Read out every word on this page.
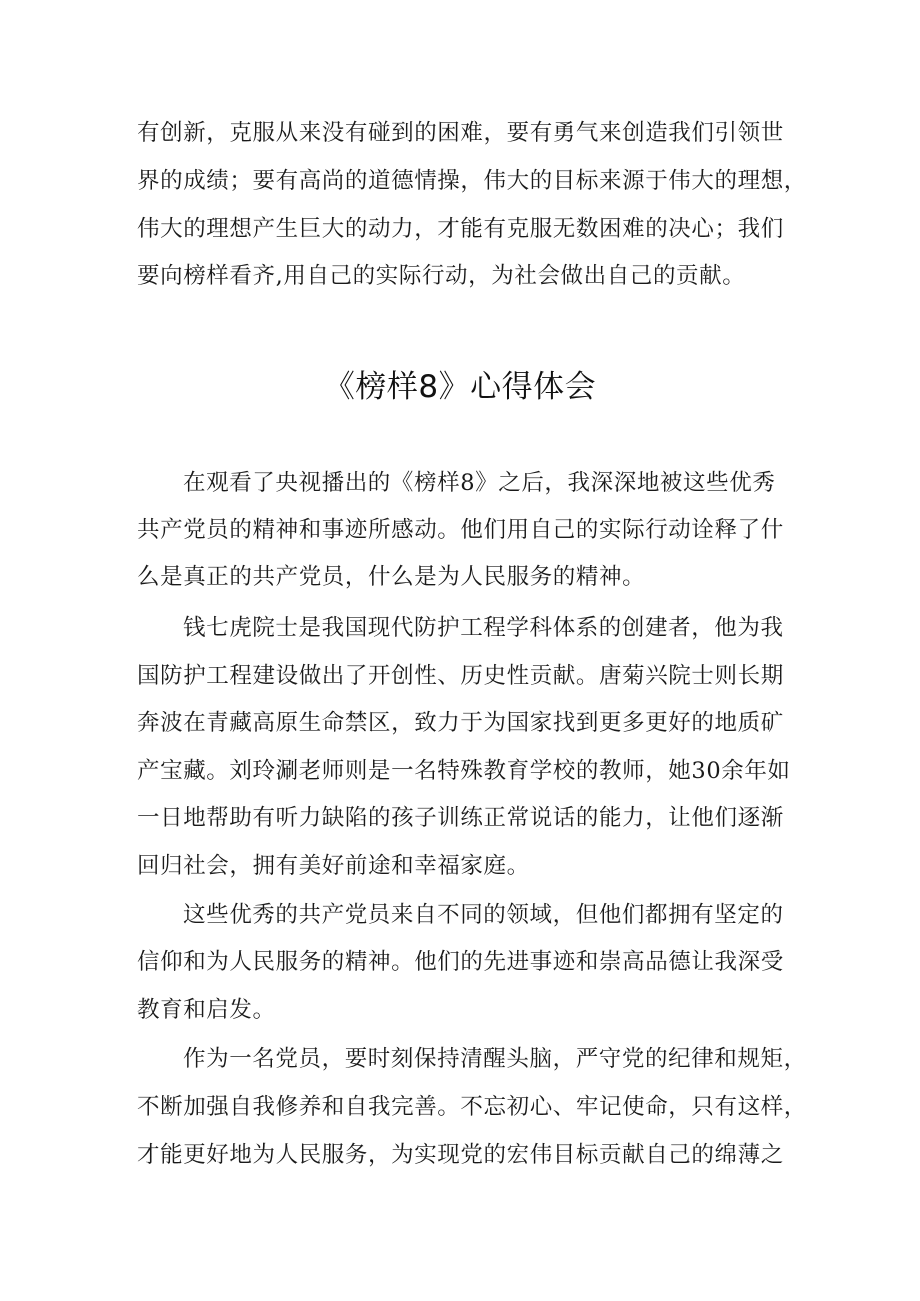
有创新，克服从来没有碰到的困难，要有勇气来创造我们引领世
界的成绩；要有高尚的道德情操，伟大的目标来源于伟大的理想，
伟大的理想产生巨大的动力，才能有克服无数困难的决心；我们
要向榜样看齐,用自己的实际行动，为社会做出自己的贡献。
《榜样8》心得体会
在观看了央视播出的《榜样8》之后，我深深地被这些优秀
共产党员的精神和事迹所感动。他们用自己的实际行动诠释了什
么是真正的共产党员，什么是为人民服务的精神。
钱七虎院士是我国现代防护工程学科体系的创建者，他为我
国防护工程建设做出了开创性、历史性贡献。唐菊兴院士则长期
奔波在青藏高原生命禁区，致力于为国家找到更多更好的地质矿
产宝藏。刘玲涮老师则是一名特殊教育学校的教师，她30余年如
一日地帮助有听力缺陷的孩子训练正常说话的能力，让他们逐渐
回归社会，拥有美好前途和幸福家庭。
这些优秀的共产党员来自不同的领域，但他们都拥有坚定的
信仰和为人民服务的精神。他们的先进事迹和崇高品德让我深受
教育和启发。
作为一名党员，要时刻保持清醒头脑，严守党的纪律和规矩，
不断加强自我修养和自我完善。不忘初心、牢记使命，只有这样，
才能更好地为人民服务，为实现党的宏伟目标贡献自己的绵薄之
